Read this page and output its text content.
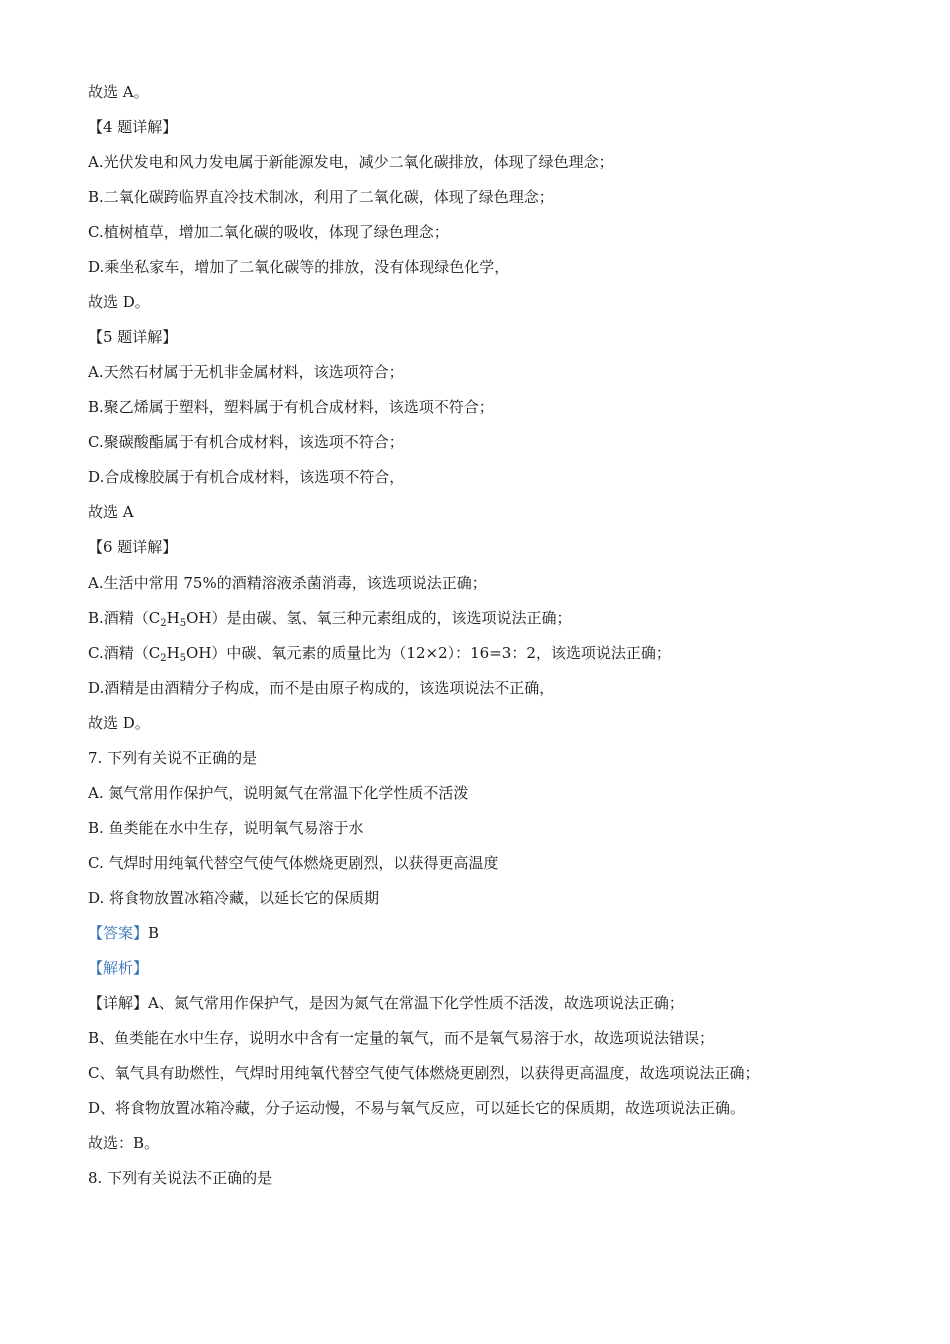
故选 A。
【4 题详解】
A.光伏发电和风力发电属于新能源发电，减少二氧化碳排放，体现了绿色理念；
B.二氧化碳跨临界直冷技术制冰，利用了二氧化碳，体现了绿色理念；
C.植树植草，增加二氧化碳的吸收，体现了绿色理念；
D.乘坐私家车，增加了二氧化碳等的排放，没有体现绿色化学，
故选 D。
【5 题详解】
A.天然石材属于无机非金属材料，该选项符合；
B.聚乙烯属于塑料，塑料属于有机合成材料，该选项不符合；
C.聚碳酸酯属于有机合成材料，该选项不符合；
D.合成橡胶属于有机合成材料，该选项不符合，
故选 A
【6 题详解】
A.生活中常用 75%的酒精溶液杀菌消毒，该选项说法正确；
B.酒精$(C_2H_5OH)$是由碳、氢、氧三种元素组成的，该选项说法正确；
C.酒精$(C_2H_5OH)$中碳、氧元素的质量比为（12×2）：16=3：2，该选项说法正确；
D.酒精是由酒精分子构成，而不是由原子构成的，该选项说法不正确，
故选 D。
7. 下列有关说不正确的是
A. 氮气常用作保护气，说明氮气在常温下化学性质不活泼
B. 鱼类能在水中生存，说明氧气易溶于水
C. 气焊时用纯氧代替空气使气体燃烧更剧烈，以获得更高温度
D. 将食物放置冰箱冷藏，以延长它的保质期
【答案】B
【解析】
【详解】A、氮气常用作保护气，是因为氮气在常温下化学性质不活泼，故选项说法正确；
B、鱼类能在水中生存，说明水中含有一定量的氧气，而不是氧气易溶于水，故选项说法错误；
C、氧气具有助燃性，气焊时用纯氧代替空气使气体燃烧更剧烈，以获得更高温度，故选项说法正确；
D、将食物放置冰箱冷藏，分子运动慢，不易与氧气反应，可以延长它的保质期，故选项说法正确。
故选：B。
8. 下列有关说法不正确的是
